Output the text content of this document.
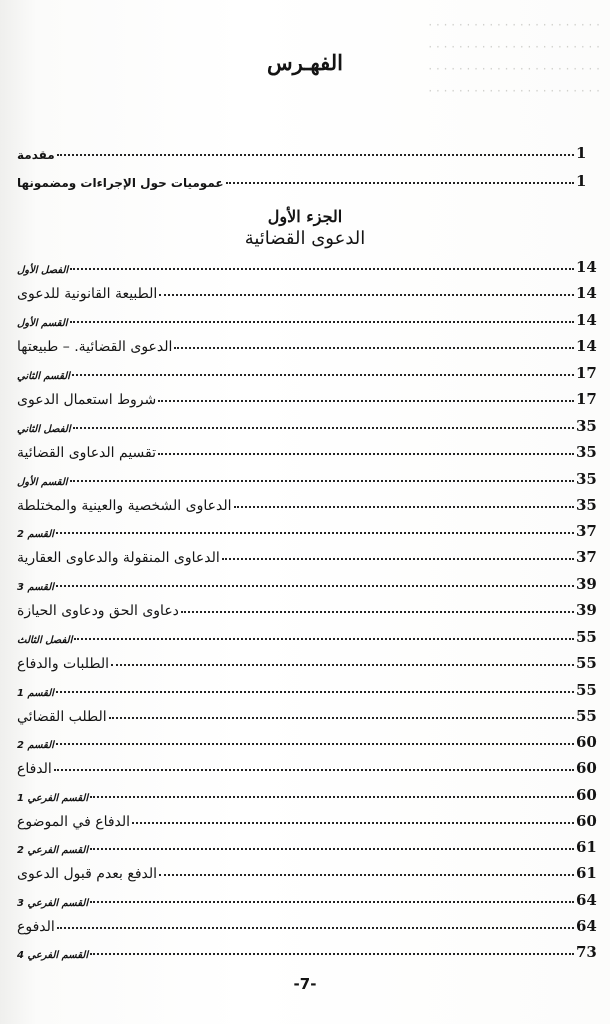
· · · · · · · · · · · · · · · · · · · · · · ·
· · · · · · · · · · · · · · · · · · · · · · ·
· · · · · · · · · · · · · · · · · · · · · · ·
· · · · · · · · · · · · · · · · · · · · · · ·
الفهـرس
الجزء الأول
الدعوى القضائية
مقدمة	1
عموميات حول الإجراءات ومضمونها	1
الفصل الأول	14
الطبيعة القانونية للدعوى	14
القسم الأول	14
الدعوى القضائية. – طبيعتها	14
القسم الثاني	17
شروط استعمال الدعوى	17
الفصل الثاني	35
تقسيم الدعاوى القضائية	35
القسم الأول	35
الدعاوى الشخصية والعينية والمختلطة	35
القسم 2	37
الدعاوى المنقولة والدعاوى العقارية	37
القسم 3	39
دعاوى الحق ودعاوى الحيازة	39
الفصل الثالث	55
الطلبات والدفاع	55
القسم 1	55
الطلب القضائي	55
القسم 2	60
الدفاع	60
القسم الفرعي 1	60
الدفاع في الموضوع	60
القسم الفرعي 2	61
الدفع بعدم قبول الدعوى	61
القسم الفرعي 3	64
الدفوع	64
القسم الفرعي 4	73
-7-
